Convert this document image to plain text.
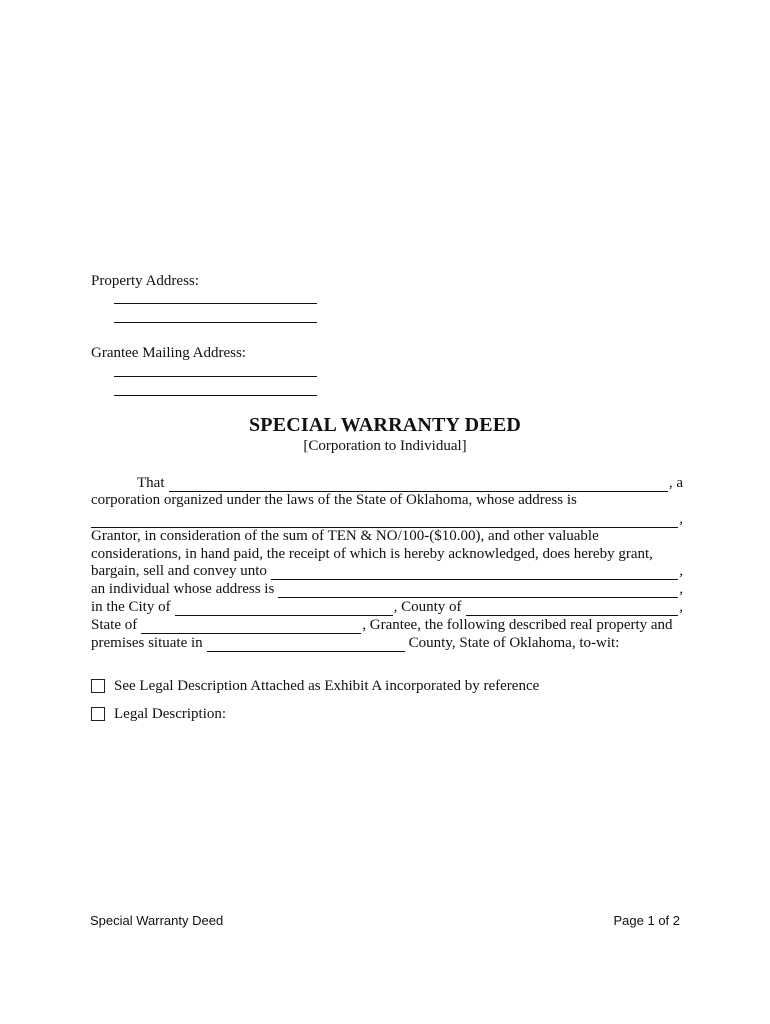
Property Address:
Grantee Mailing Address:
SPECIAL WARRANTY DEED
[Corporation to Individual]
That	, a
corporation organized under the laws of the State of Oklahoma, whose address is
,
Grantor, in consideration of the sum of TEN & NO/100-($10.00), and other valuable
considerations, in hand paid, the receipt of which is hereby acknowledged, does hereby grant,
bargain, sell and convey unto	,
an individual whose address is	,
in the City of	, County of	,
State of	, Grantee, the following described real property and
premises situate in	County, State of Oklahoma, to-wit:
See Legal Description Attached as Exhibit A incorporated by reference
Legal Description:
Special Warranty Deed	Page 1 of 2
